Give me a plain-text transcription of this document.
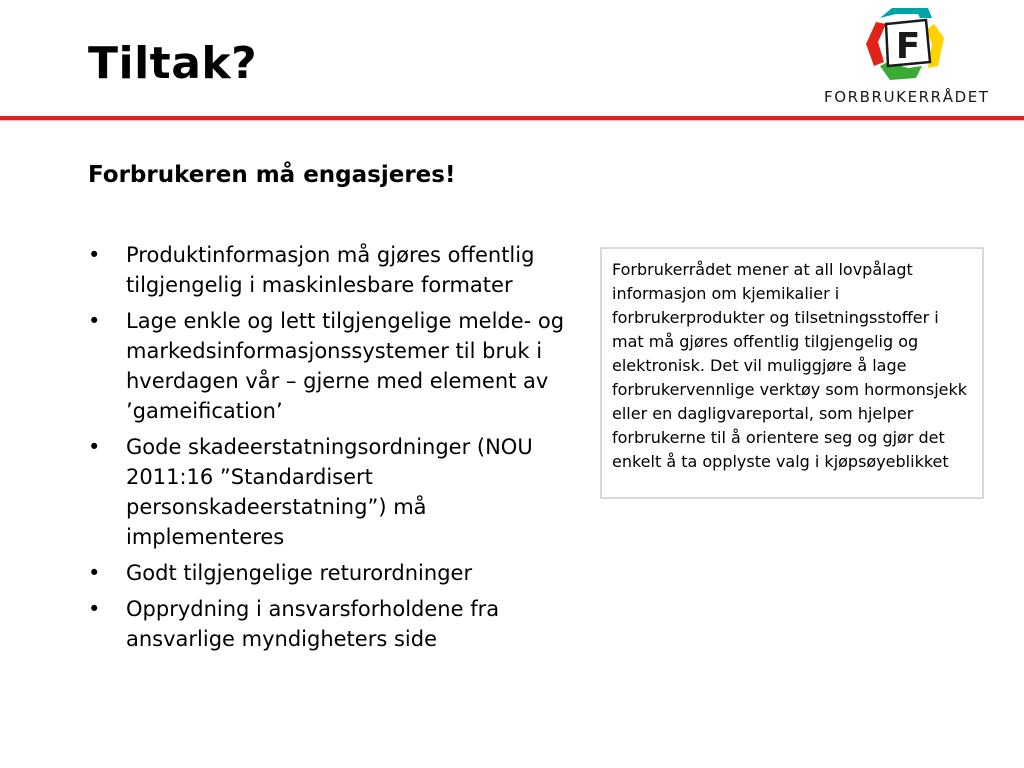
Tiltak?	F
FORBRUKERRÅDET
Forbrukeren må engasjeres!
•	Produktinformasjon må gjøres offentlig tilgjengelig i maskinlesbare formater
•	Lage enkle og lett tilgjengelige melde- og markedsinformasjonssystemer til bruk i hverdagen vår – gjerne med element av ’gameification’
•	Gode skadeerstatningsordninger (NOU 2011:16 ”Standardisert personskadeerstatning”) må implementeres
•	Godt tilgjengelige returordninger
•	Opprydning i ansvarsforholdene fra ansvarlige myndigheters side
Forbrukerrådet mener at all lovpålagt informasjon om kjemikalier i forbrukerprodukter og tilsetningsstoffer i mat må gjøres offentlig tilgjengelig og elektronisk. Det vil muliggjøre å lage forbrukervennlige verktøy som hormonsjekk eller en dagligvareportal, som hjelper forbrukerne til å orientere seg og gjør det enkelt å ta opplyste valg i kjøpsøyeblikket
